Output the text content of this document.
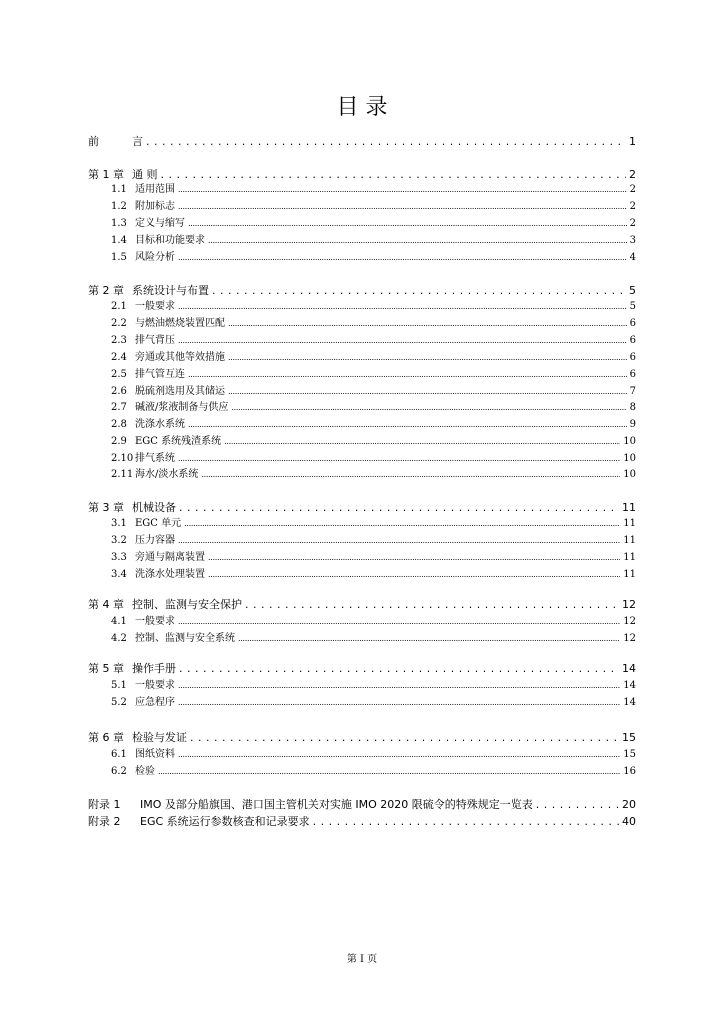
目 录
前	言 . . .	1
第 1 章 通 则 . . .	2
1.1 适用范围 .....	2
1.2 附加标志 .....	2
1.3 定义与缩写 .....	2
1.4 目标和功能要求 .....	3
1.5 风险分析 .....	4
第 2 章 系统设计与布置 . . .	5
2.1 一般要求 .....	5
2.2 与燃油燃烧装置匹配 .....	6
2.3 排气背压 .....	6
2.4 旁通或其他等效措施 .....	6
2.5 排气管互连 .....	6
2.6 脱硫剂选用及其储运 .....	7
2.7 碱液/浆液制备与供应 .....	8
2.8 洗涤水系统 .....	9
2.9 EGC 系统残渣系统 .....	10
2.10 排气系统 .....	10
2.11 海水/淡水系统 .....	10
第 3 章 机械设备 . . .	11
3.1 EGC 单元 .....	11
3.2 压力容器 .....	11
3.3 旁通与隔离装置 .....	11
3.4 洗涤水处理装置 .....	11
第 4 章 控制、监测与安全保护 . . .	12
4.1 一般要求 .....	12
4.2 控制、监测与安全系统 .....	12
第 5 章 操作手册 . . .	14
5.1 一般要求 .....	14
5.2 应急程序 .....	14
第 6 章 检验与发证 . . .	15
6.1 图纸资料 .....	15
6.2 检验 .....	16
附录 1	IMO 及部分船旗国、港口国主管机关对实施 IMO 2020 限硫令的特殊规定一览表 . . .	20
附录 2	EGC 系统运行参数核查和记录要求 . . .	40
第 I 页
